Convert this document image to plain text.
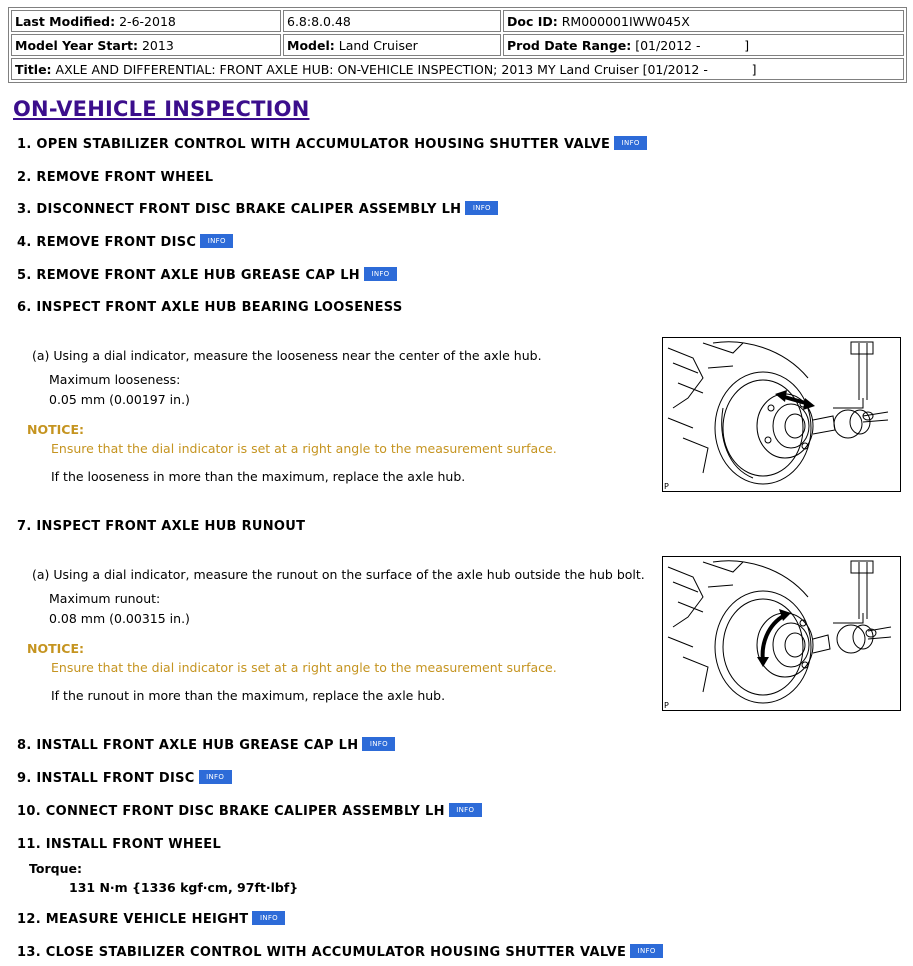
Last Modified: 2-6-2018	6.8:8.0.48	Doc ID: RM000001IWW045X
Model Year Start: 2013	Model: Land Cruiser	Prod Date Range: [01/2012 -           ]
Title: AXLE AND DIFFERENTIAL: FRONT AXLE HUB: ON-VEHICLE INSPECTION; 2013 MY Land Cruiser [01/2012 -           ]		
ON-VEHICLE INSPECTION
1. OPEN STABILIZER CONTROL WITH ACCUMULATOR HOUSING SHUTTER VALVE INFO
2. REMOVE FRONT WHEEL
3. DISCONNECT FRONT DISC BRAKE CALIPER ASSEMBLY LH INFO
4. REMOVE FRONT DISC INFO
5. REMOVE FRONT AXLE HUB GREASE CAP LH INFO
6. INSPECT FRONT AXLE HUB BEARING LOOSENESS
(a) Using a dial indicator, measure the looseness near the center of the axle hub.
Maximum looseness:
0.05 mm (0.00197 in.)
NOTICE:
Ensure that the dial indicator is set at a right angle to the measurement surface.
If the looseness in more than the maximum, replace the axle hub.
P
7. INSPECT FRONT AXLE HUB RUNOUT
(a) Using a dial indicator, measure the runout on the surface of the axle hub outside the hub bolt.
Maximum runout:
0.08 mm (0.00315 in.)
NOTICE:
Ensure that the dial indicator is set at a right angle to the measurement surface.
If the runout in more than the maximum, replace the axle hub.
P
8. INSTALL FRONT AXLE HUB GREASE CAP LH INFO
9. INSTALL FRONT DISC INFO
10. CONNECT FRONT DISC BRAKE CALIPER ASSEMBLY LH INFO
11. INSTALL FRONT WHEEL
Torque:
131 N·m {1336 kgf·cm, 97ft·lbf}
12. MEASURE VEHICLE HEIGHT INFO
13. CLOSE STABILIZER CONTROL WITH ACCUMULATOR HOUSING SHUTTER VALVE INFO
